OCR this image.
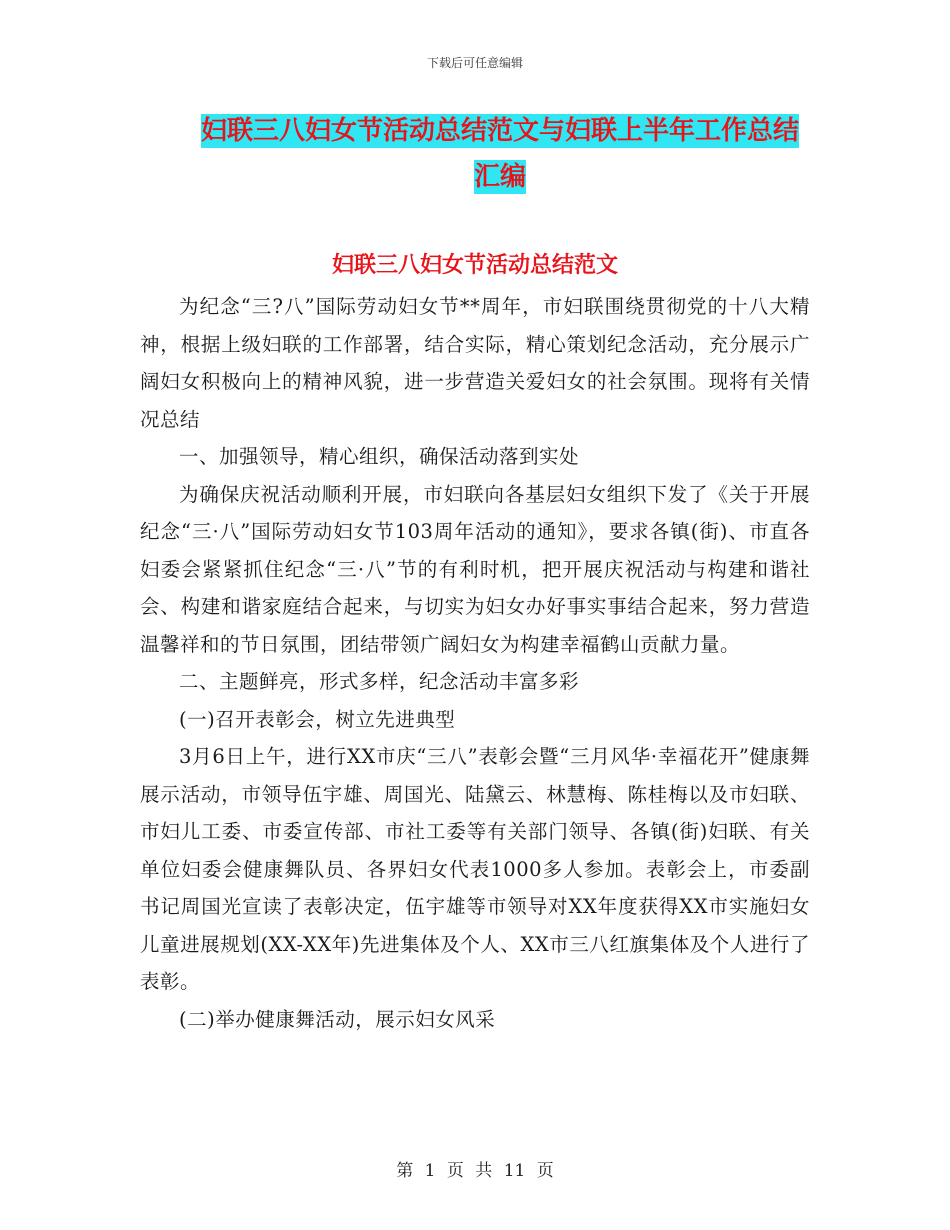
下载后可任意编辑
妇联三八妇女节活动总结范文与妇联上半年工作总结
汇编
妇联三八妇女节活动总结范文

为纪念“三?八”国际劳动妇女节**周年，市妇联围绕贯彻党的十八大精神，根据上级妇联的工作部署，结合实际，精心策划纪念活动，充分展示广阔妇女积极向上的精神风貌，进一步营造关爱妇女的社会氛围。现将有关情况总结

一、加强领导，精心组织，确保活动落到实处

为确保庆祝活动顺利开展，市妇联向各基层妇女组织下发了《关于开展纪念“三·八”国际劳动妇女节103周年活动的通知》，要求各镇(街)、市直各妇委会紧紧抓住纪念“三·八”节的有利时机，把开展庆祝活动与构建和谐社会、构建和谐家庭结合起来，与切实为妇女办好事实事结合起来，努力营造温馨祥和的节日氛围，团结带领广阔妇女为构建幸福鹤山贡献力量。

二、主题鲜亮，形式多样，纪念活动丰富多彩

(一)召开表彰会，树立先进典型

3月6日上午，进行XX市庆“三八”表彰会暨“三月风华·幸福花开”健康舞展示活动，市领导伍宇雄、周国光、陆黛云、林慧梅、陈桂梅以及市妇联、市妇儿工委、市委宣传部、市社工委等有关部门领导、各镇(街)妇联、有关单位妇委会健康舞队员、各界妇女代表1000多人参加。表彰会上，市委副书记周国光宣读了表彰决定，伍宇雄等市领导对XX年度获得XX市实施妇女儿童进展规划(XX-XX年)先进集体及个人、XX市三八红旗集体及个人进行了表彰。

(二)举办健康舞活动，展示妇女风采

第 1 页 共 11 页
